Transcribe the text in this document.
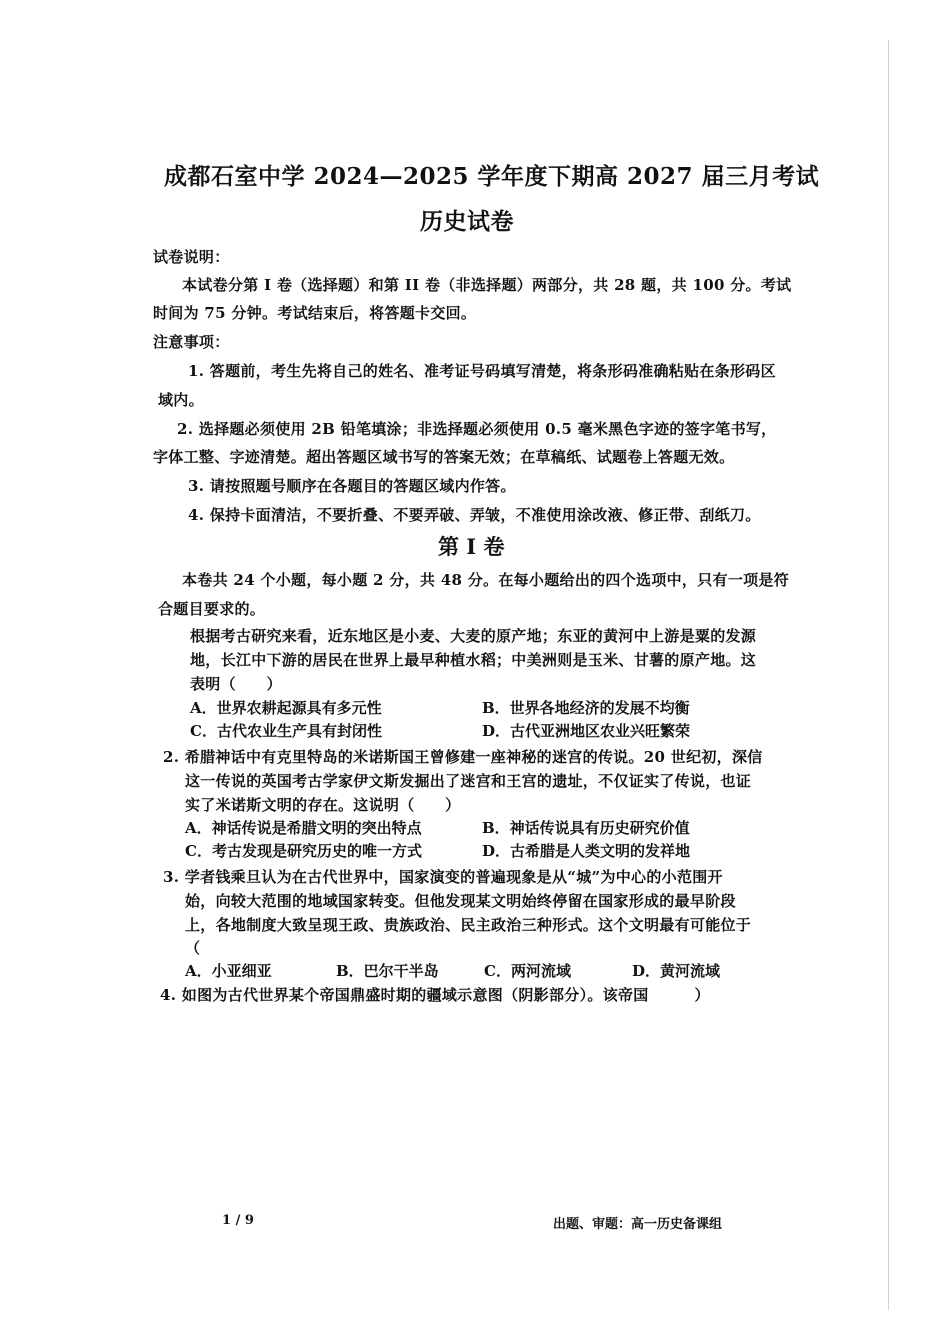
成都石室中学 2024—2025 学年度下期高 2027 届三月考试
历史试卷
试卷说明：
本试卷分第 I 卷（选择题）和第 II 卷（非选择题）两部分，共 28 题，共 100 分。考试
时间为 75 分钟。考试结束后，将答题卡交回。
注意事项：
1. 答题前，考生先将自己的姓名、准考证号码填写清楚，将条形码准确粘贴在条形码区
域内。
2. 选择题必须使用 2B 铅笔填涂；非选择题必须使用 0.5 毫米黑色字迹的签字笔书写，
字体工整、字迹清楚。超出答题区域书写的答案无效；在草稿纸、试题卷上答题无效。
3. 请按照题号顺序在各题目的答题区域内作答。
4. 保持卡面清洁，不要折叠、不要弄破、弄皱，不准使用涂改液、修正带、刮纸刀。
第 I 卷
本卷共 24 个小题，每小题 2 分，共 48 分。在每小题给出的四个选项中，只有一项是符
合题目要求的。
根据考古研究来看，近东地区是小麦、大麦的原产地；东亚的黄河中上游是粟的发源
地，长江中下游的居民在世界上最早种植水稻；中美洲则是玉米、甘薯的原产地。这
表明（　　）
A．世界农耕起源具有多元性	B．世界各地经济的发展不均衡
C．古代农业生产具有封闭性	D．古代亚洲地区农业兴旺繁荣
2. 希腊神话中有克里特岛的米诺斯国王曾修建一座神秘的迷宫的传说。20 世纪初，深信
这一传说的英国考古学家伊文斯发掘出了迷宫和王宫的遗址，不仅证实了传说，也证
实了米诺斯文明的存在。这说明（　　）
A．神话传说是希腊文明的突出特点	B．神话传说具有历史研究价值
C．考古发现是研究历史的唯一方式	D．古希腊是人类文明的发祥地
3. 学者钱乘旦认为在古代世界中，国家演变的普遍现象是从“城”为中心的小范围开
始，向较大范围的地域国家转变。但他发现某文明始终停留在国家形成的最早阶段
上，各地制度大致呈现王政、贵族政治、民主政治三种形式。这个文明最有可能位于
（
A．小亚细亚	B．巴尔干半岛	C．两河流域	D．黄河流域
4. 如图为古代世界某个帝国鼎盛时期的疆域示意图（阴影部分）。该帝国　　　）
1 / 9	出题、审题：高一历史备课组
